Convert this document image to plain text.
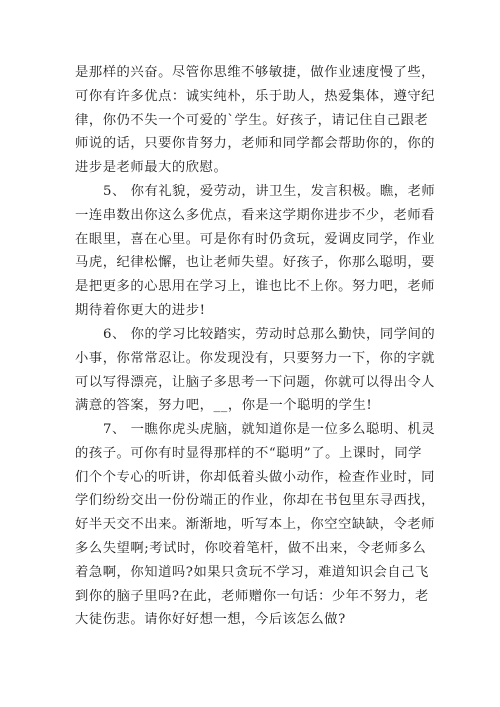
是那样的兴奋。尽管你思维不够敏捷，做作业速度慢了些，
可你有许多优点：诚实纯朴，乐于助人，热爱集体，遵守纪
律，你仍不失一个可爱的`学生。好孩子，请记住自己跟老
师说的话，只要你肯努力，老师和同学都会帮助你的，你的
进步是老师最大的欣慰。
5、 你有礼貌，爱劳动，讲卫生，发言积极。瞧，老师
一连串数出你这么多优点，看来这学期你进步不少，老师看
在眼里，喜在心里。可是你有时仍贪玩，爱调皮同学，作业
马虎，纪律松懈，也让老师失望。好孩子，你那么聪明，要
是把更多的心思用在学习上，谁也比不上你。努力吧，老师
期待着你更大的进步!
6、 你的学习比较踏实，劳动时总那么勤快，同学间的
小事，你常常忍让。你发现没有，只要努力一下，你的字就
可以写得漂亮，让脑子多思考一下问题，你就可以得出令人
满意的答案，努力吧，__，你是一个聪明的学生!
7、 一瞧你虎头虎脑，就知道你是一位多么聪明、机灵
的孩子。可你有时显得那样的不“聪明”了。上课时，同学
们个个专心的听讲，你却低着头做小动作，检查作业时，同
学们纷纷交出一份份端正的作业，你却在书包里东寻西找，
好半天交不出来。渐渐地，听写本上，你空空缺缺，令老师
多么失望啊;考试时，你咬着笔杆，做不出来，令老师多么
着急啊，你知道吗?如果只贪玩不学习，难道知识会自己飞
到你的脑子里吗?在此，老师赠你一句话：少年不努力，老
大徒伤悲。请你好好想一想，今后该怎么做?
